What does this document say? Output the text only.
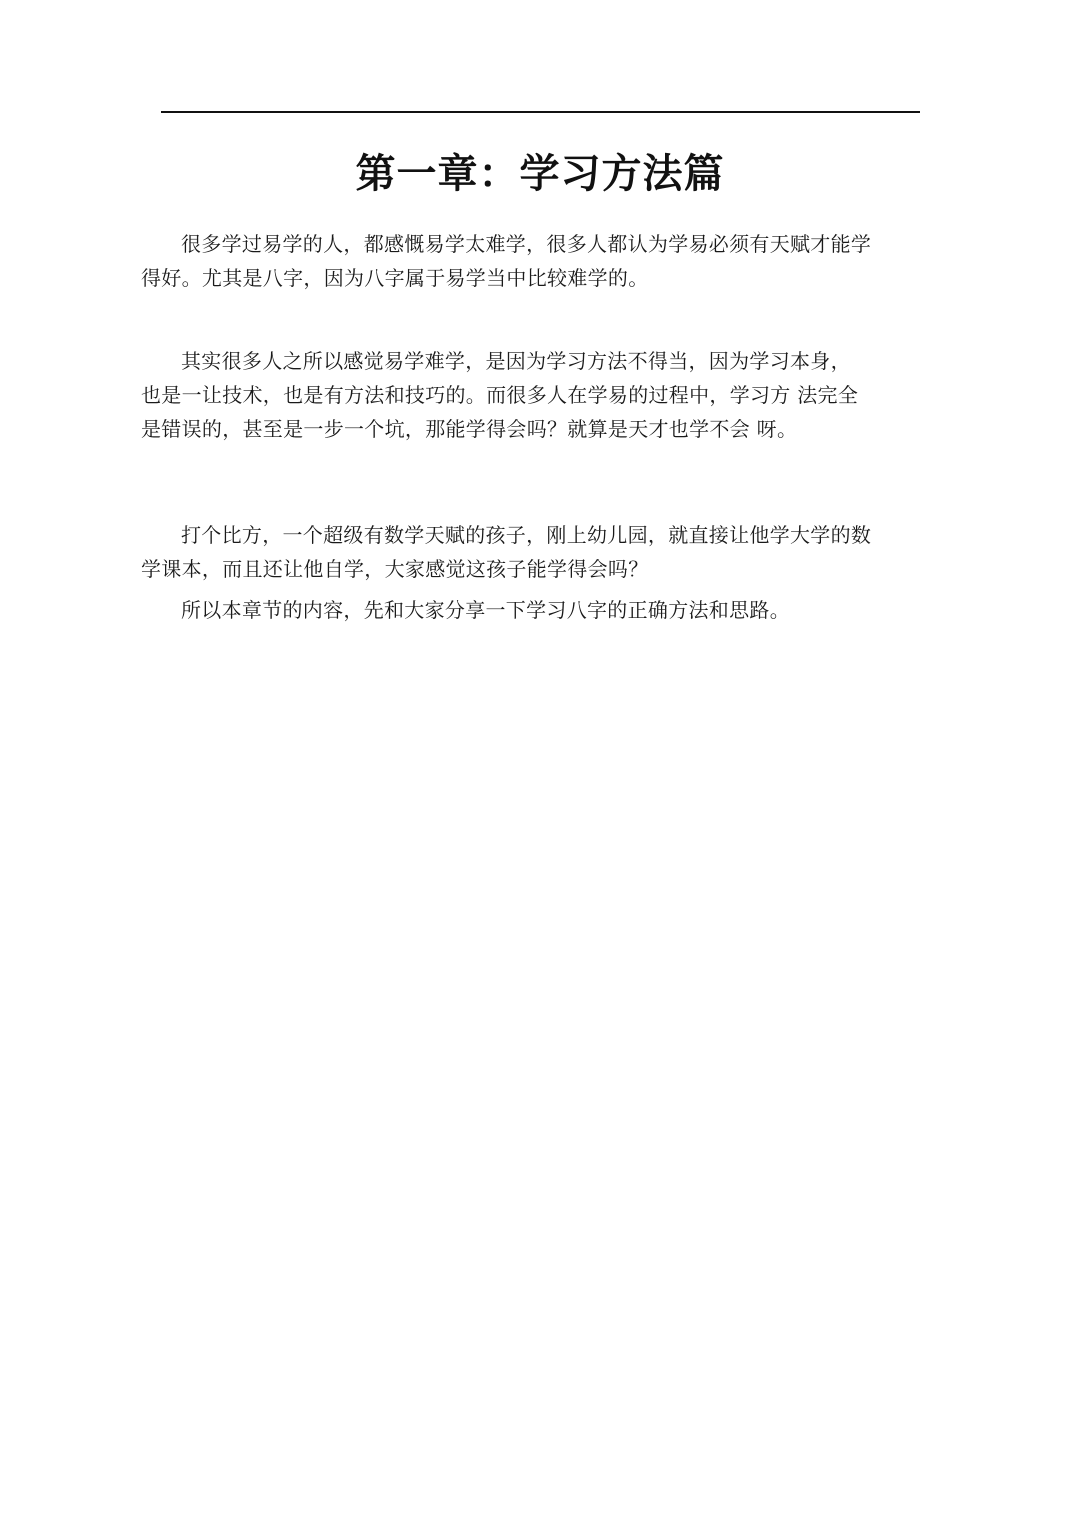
第一章：学习方法篇

很多学过易学的人，都感慨易学太难学，很多人都认为学易必须有天赋才能学得好。尤其是八字，因为八字属于易学当中比较难学的。

其实很多人之所以感觉易学难学，是因为学习方法不得当，因为学习本身，也是一让技术，也是有方法和技巧的。而很多人在学易的过程中，学习方 法完全是错误的，甚至是一步一个坑，那能学得会吗？就算是天才也学不会 呀。

打个比方，一个超级有数学天赋的孩子，刚上幼儿园，就直接让他学大学的数学课本，而且还让他自学，大家感觉这孩子能学得会吗？

所以本章节的内容，先和大家分享一下学习八字的正确方法和思路。
